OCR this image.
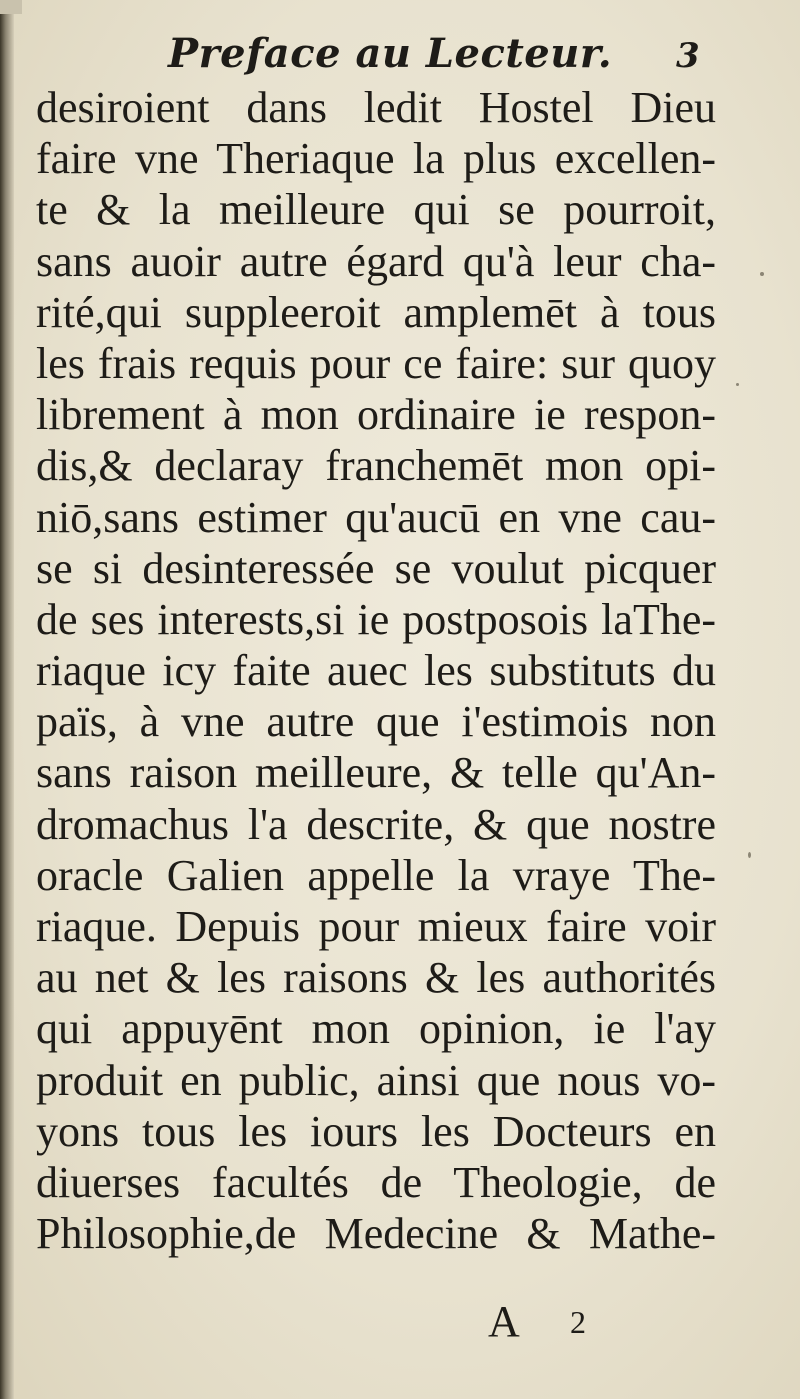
Preface au Lecteur. 3
desiroient dans ledit Hostel Dieu
faire vne Theriaque la plus excellen-
te & la meilleure qui se pourroit,
sans auoir autre égard qu'à leur cha-
rité,qui suppleeroit amplemēt à tous
les frais requis pour ce faire: sur quoy
librement à mon ordinaire ie respon-
dis,& declaray franchemēt mon opi-
niō,sans estimer qu'aucū en vne cau-
se si desinteressée se voulut picquer
de ses interests,si ie postposois laThe-
riaque icy faite auec les substituts du
païs, à vne autre que i'estimois non
sans raison meilleure, & telle qu'An-
dromachus l'a descrite, & que nostre
oracle Galien appelle la vraye The-
riaque. Depuis pour mieux faire voir
au net & les raisons & les authorités
qui appuyēnt mon opinion, ie l'ay
produit en public, ainsi que nous vo-
yons tous les iours les Docteurs en
diuerses facultés de Theologie, de
Philosophie,de Medecine & Mathe-
A 2
